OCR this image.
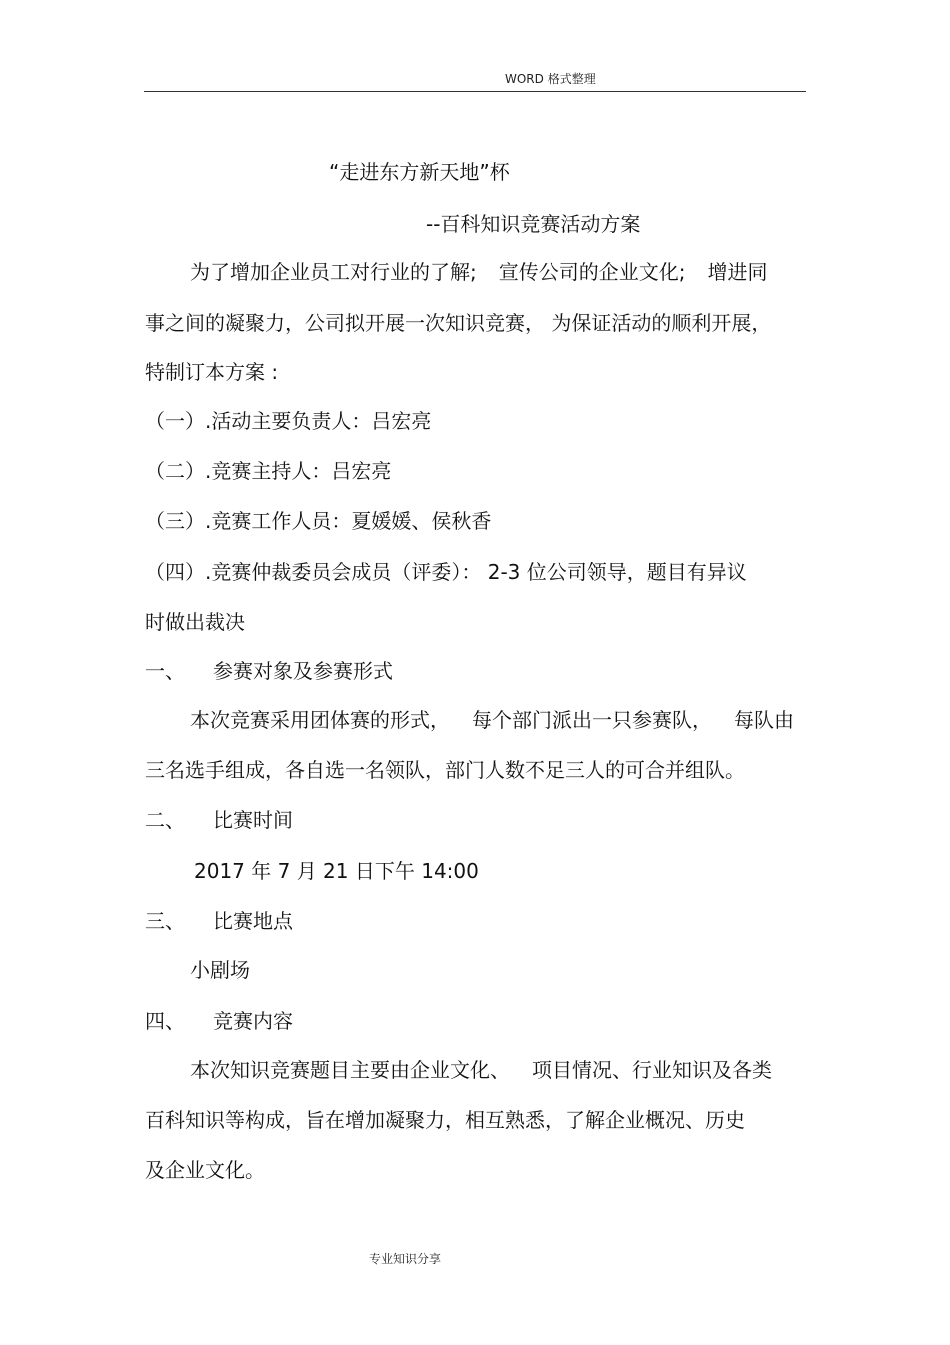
WORD 格式整理
“走进东方新天地”杯
--百科知识竞赛活动方案
为了增加企业员工对行业的了解; 宣传公司的企业文化; 增进同
事之间的凝聚力，公司拟开展一次知识竞赛， 为保证活动的顺利开展，
特制订本方案 :
（一）.活动主要负责人：吕宏亮
（二）.竞赛主持人：吕宏亮
（三）.竞赛工作人员：夏媛媛、侯秋香
（四）.竞赛仲裁委员会成员（评委）： 2-3 位公司领导，题目有异议
时做出裁决
一、 参赛对象及参赛形式
本次竞赛采用团体赛的形式， 每个部门派出一只参赛队， 每队由
三名选手组成，各自选一名领队，部门人数不足三人的可合并组队。
二、 比赛时间
2017 年 7 月 21 日下午 14:00
三、 比赛地点
小剧场
四、 竞赛内容
本次知识竞赛题目主要由企业文化、 项目情况、行业知识及各类
百科知识等构成，旨在增加凝聚力，相互熟悉，了解企业概况、历史
及企业文化。
专业知识分享
